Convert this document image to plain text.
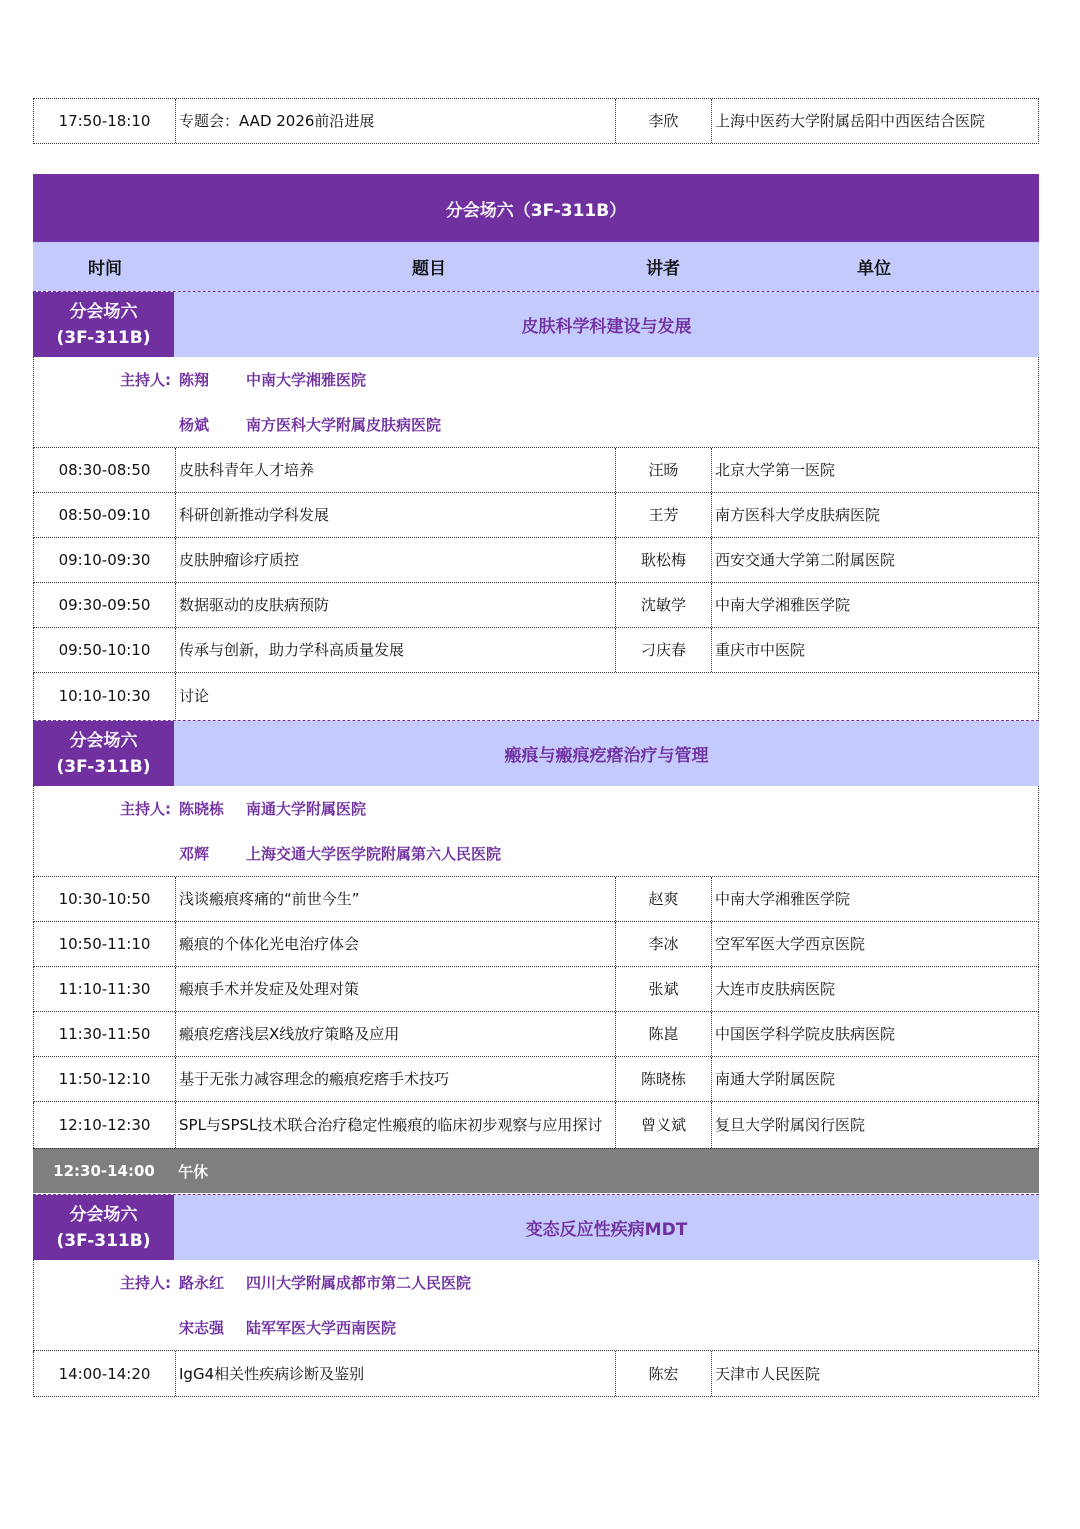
17:50-18:10	专题会：AAD 2026前沿进展	李欣	上海中医药大学附属岳阳中西医结合医院
分会场六（3F-311B）
时间	题目	讲者	单位
分会场六
(3F-311B)
皮肤科学科建设与发展
主持人: 陈翔 中南大学湘雅医院
杨斌 南方医科大学附属皮肤病医院
08:30-08:50	皮肤科青年人才培养	汪旸	北京大学第一医院
08:50-09:10	科研创新推动学科发展	王芳	南方医科大学皮肤病医院
09:10-09:30	皮肤肿瘤诊疗质控	耿松梅	西安交通大学第二附属医院
09:30-09:50	数据驱动的皮肤病预防	沈敏学	中南大学湘雅医学院
09:50-10:10	传承与创新，助力学科高质量发展	刁庆春	重庆市中医院
10:10-10:30	讨论
分会场六
(3F-311B)
瘢痕与瘢痕疙瘩治疗与管理
主持人: 陈晓栋 南通大学附属医院
邓辉 上海交通大学医学院附属第六人民医院
10:30-10:50	浅谈瘢痕疼痛的“前世今生”	赵爽	中南大学湘雅医学院
10:50-11:10	瘢痕的个体化光电治疗体会	李冰	空军军医大学西京医院
11:10-11:30	瘢痕手术并发症及处理对策	张斌	大连市皮肤病医院
11:30-11:50	瘢痕疙瘩浅层X线放疗策略及应用	陈崑	中国医学科学院皮肤病医院
11:50-12:10	基于无张力减容理念的瘢痕疙瘩手术技巧	陈晓栋	南通大学附属医院
12:10-12:30	SPL与SPSL技术联合治疗稳定性瘢痕的临床初步观察与应用探讨	曾义斌	复旦大学附属闵行医院
12:30-14:00	午休
分会场六
(3F-311B)
变态反应性疾病MDT
主持人: 路永红 四川大学附属成都市第二人民医院
宋志强 陆军军医大学西南医院
14:00-14:20	IgG4相关性疾病诊断及鉴别	陈宏	天津市人民医院
